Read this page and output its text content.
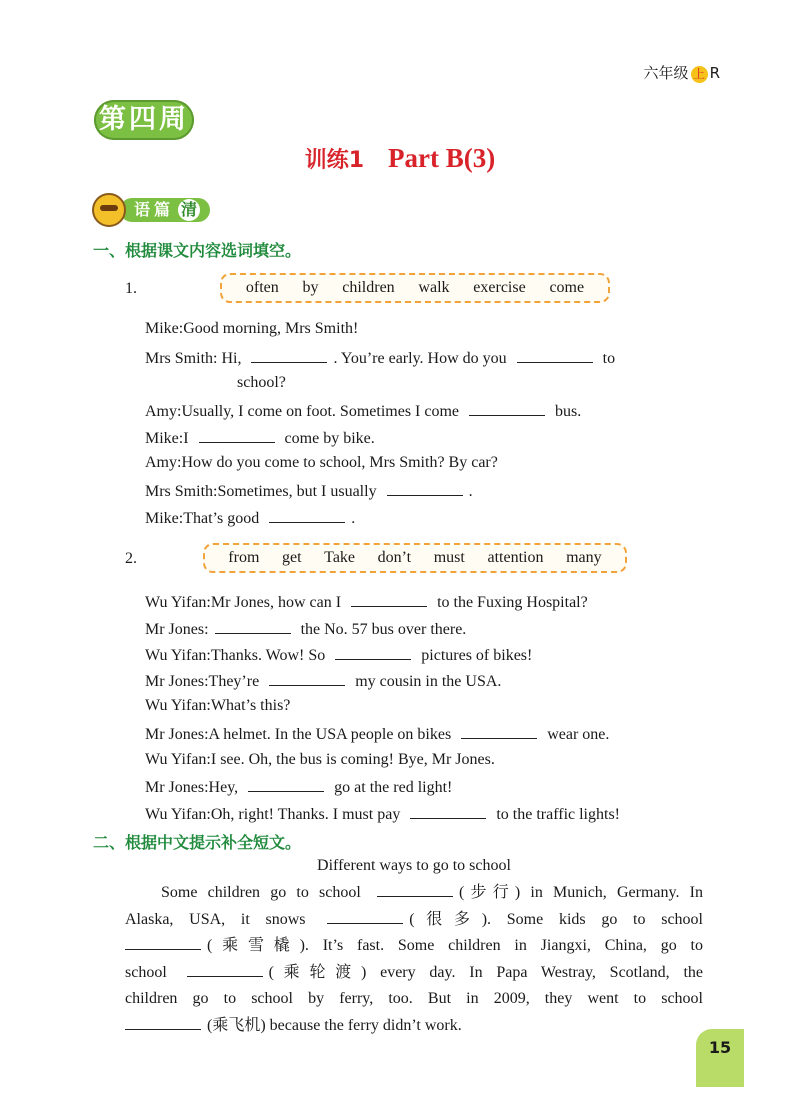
六年级 上 R
第四周
训练1 Part B(3)
语篇 清
一、根据课文内容选词填空。
1.	often by children walk exercise come
Mike:Good morning, Mrs Smith!
Mrs Smith: Hi,	. You’re early. How do you	to
school?
Amy:Usually, I come on foot. Sometimes I come	bus.
Mike:I	come by bike.
Amy:How do you come to school, Mrs Smith? By car?
Mrs Smith:Sometimes, but I usually	.
Mike:That’s good	.
2.	from get Take don’t must attention many
Wu Yifan:Mr Jones, how can I	to the Fuxing Hospital?
Mr Jones:	the No. 57 bus over there.
Wu Yifan:Thanks. Wow! So	pictures of bikes!
Mr Jones:They’re	my cousin in the USA.
Wu Yifan:What’s this?
Mr Jones:A helmet. In the USA people on bikes	wear one.
Wu Yifan:I see. Oh, the bus is coming! Bye, Mr Jones.
Mr Jones:Hey,	go at the red light!
Wu Yifan:Oh, right! Thanks. I must pay	to the traffic lights!
二、根据中文提示补全短文。
Different ways to go to school
Some children go to school	(步行) in Munich, Germany. In
Alaska, USA, it snows	(很多). Some kids go to school
(乘雪橇). It’s fast. Some children in Jiangxi, China, go to
school	(乘轮渡) every day. In Papa Westray, Scotland, the
children go to school by ferry, too. But in 2009, they went to school
(乘飞机) because the ferry didn’t work.
15
